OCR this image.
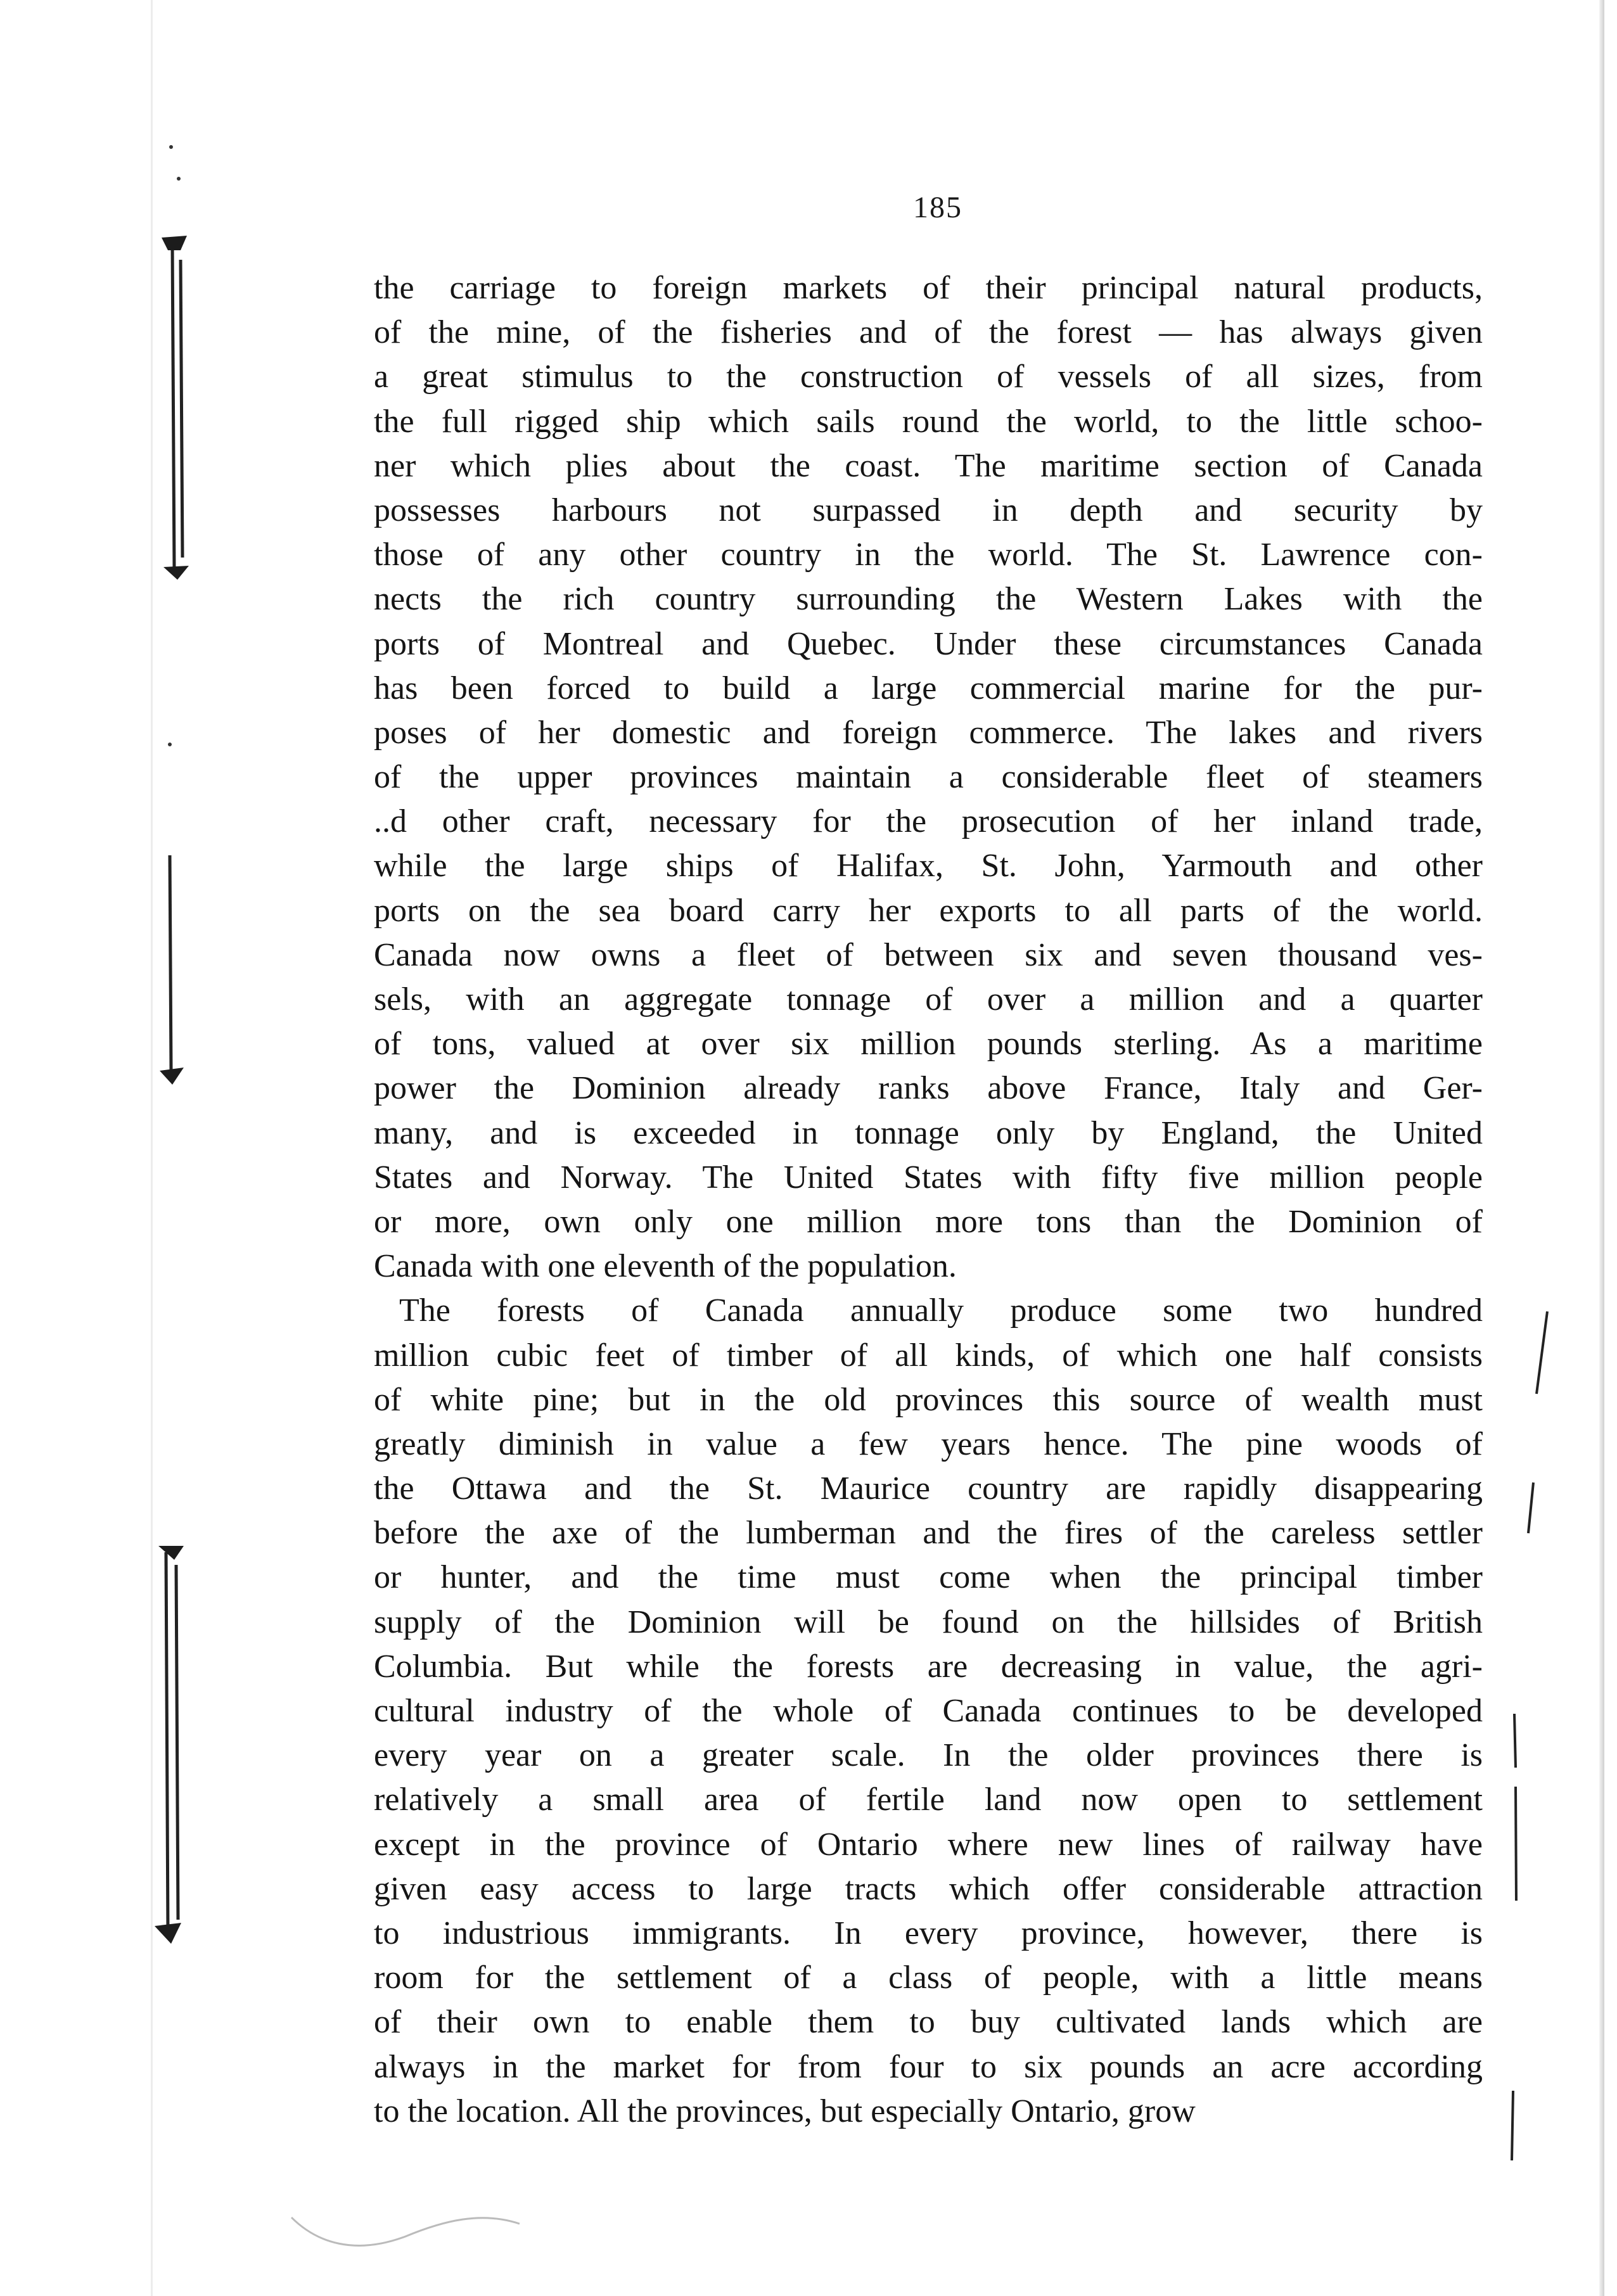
185
the carriage to foreign markets of their principal natural products,
of the mine, of the fisheries and of the forest — has always given
a great stimulus to the construction of vessels of all sizes, from
the full rigged ship which sails round the world, to the little schoo-
ner which plies about the coast. The maritime section of Canada
possesses harbours not surpassed in depth and security by
those of any other country in the world. The St. Lawrence con-
nects the rich country surrounding the Western Lakes with the
ports of Montreal and Quebec. Under these circumstances Canada
has been forced to build a large commercial marine for the pur-
poses of her domestic and foreign commerce. The lakes and rivers
of the upper provinces maintain a considerable fleet of steamers
..d other craft, necessary for the prosecution of her inland trade,
while the large ships of Halifax, St. John, Yarmouth and other
ports on the sea board carry her exports to all parts of the world.
Canada now owns a fleet of between six and seven thousand ves-
sels, with an aggregate tonnage of over a million and a quarter
of tons, valued at over six million pounds sterling. As a maritime
power the Dominion already ranks above France, Italy and Ger-
many, and is exceeded in tonnage only by England, the United
States and Norway. The United States with fifty five million people
or more, own only one million more tons than the Dominion of
Canada with one eleventh of the population.
The forests of Canada annually produce some two hundred
million cubic feet of timber of all kinds, of which one half consists
of white pine; but in the old provinces this source of wealth must
greatly diminish in value a few years hence. The pine woods of
the Ottawa and the St. Maurice country are rapidly disappearing
before the axe of the lumberman and the fires of the careless settler
or hunter, and the time must come when the principal timber
supply of the Dominion will be found on the hillsides of British
Columbia. But while the forests are decreasing in value, the agri-
cultural industry of the whole of Canada continues to be developed
every year on a greater scale. In the older provinces there is
relatively a small area of fertile land now open to settlement
except in the province of Ontario where new lines of railway have
given easy access to large tracts which offer considerable attraction
to industrious immigrants. In every province, however, there is
room for the settlement of a class of people, with a little means
of their own to enable them to buy cultivated lands which are
always in the market for from four to six pounds an acre according
to the location. All the provinces, but especially Ontario, grow
